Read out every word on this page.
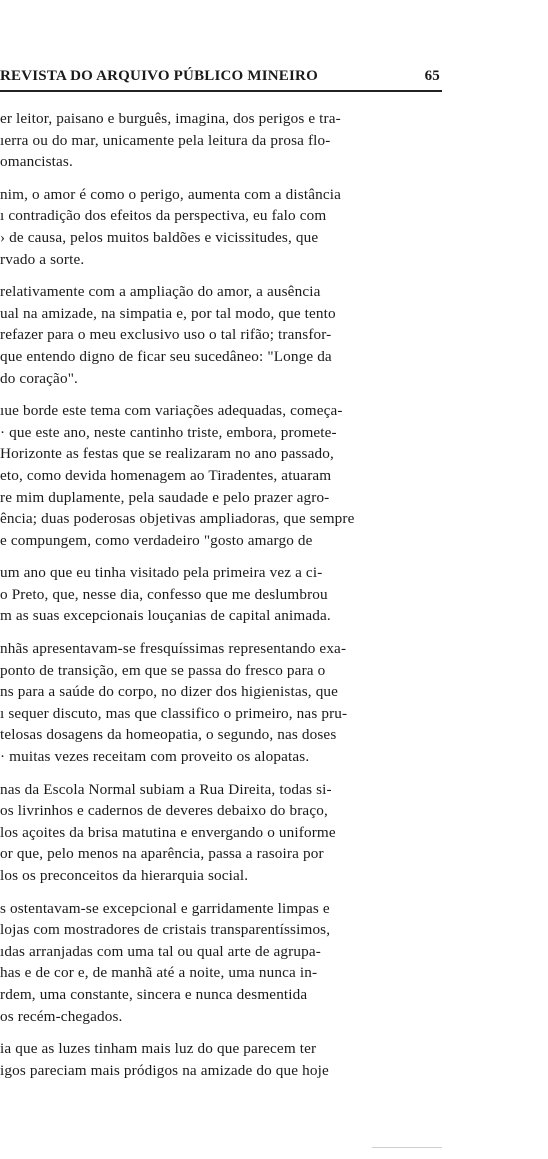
REVISTA DO ARQUIVO PÚBLICO MINEIRO	65
er leitor, paisano e burguês, imagina, dos perigos e tra-
ıerra ou do mar, unicamente pela leitura da prosa flo-
omancistas.
nim, o amor é como o perigo, aumenta com a distância
ı contradição dos efeitos da perspectiva, eu falo com
› de causa, pelos muitos baldões e vicissitudes, que
rvado a sorte.
relativamente com a ampliação do amor, a ausência
ual na amizade, na simpatia e, por tal modo, que tento
refazer para o meu exclusivo uso o tal rifão; transfor-
que entendo digno de ficar seu sucedâneo: "Longe da
do coração".
ıue borde este tema com variações adequadas, começa-
· que este ano, neste cantinho triste, embora, promete-
Horizonte as festas que se realizaram no ano passado,
eto, como devida homenagem ao Tiradentes, atuaram
re mim duplamente, pela saudade e pelo prazer agro-
ência; duas poderosas objetivas ampliadoras, que sempre
e compungem, como verdadeiro "gosto amargo de
um ano que eu tinha visitado pela primeira vez a ci-
o Preto, que, nesse dia, confesso que me deslumbrou
m as suas excepcionais louçanias de capital animada.
nhãs apresentavam-se fresquíssimas representando exa-
ponto de transição, em que se passa do fresco para o
ns para a saúde do corpo, no dizer dos higienistas, que
ı sequer discuto, mas que classifico o primeiro, nas pru-
telosas dosagens da homeopatia, o segundo, nas doses
· muitas vezes receitam com proveito os alopatas.
nas da Escola Normal subiam a Rua Direita, todas si-
os livrinhos e cadernos de deveres debaixo do braço,
los açoites da brisa matutina e envergando o uniforme
or que, pelo menos na aparência, passa a rasoira por
los os preconceitos da hierarquia social.
s ostentavam-se excepcional e garridamente limpas e
lojas com mostradores de cristais transparentíssimos,
ıdas arranjadas com uma tal ou qual arte de agrupa-
has e de cor e, de manhã até a noite, uma nunca in-
rdem, uma constante, sincera e nunca desmentida
os recém-chegados.
ia que as luzes tinham mais luz do que parecem ter
igos pareciam mais pródigos na amizade do que hoje
